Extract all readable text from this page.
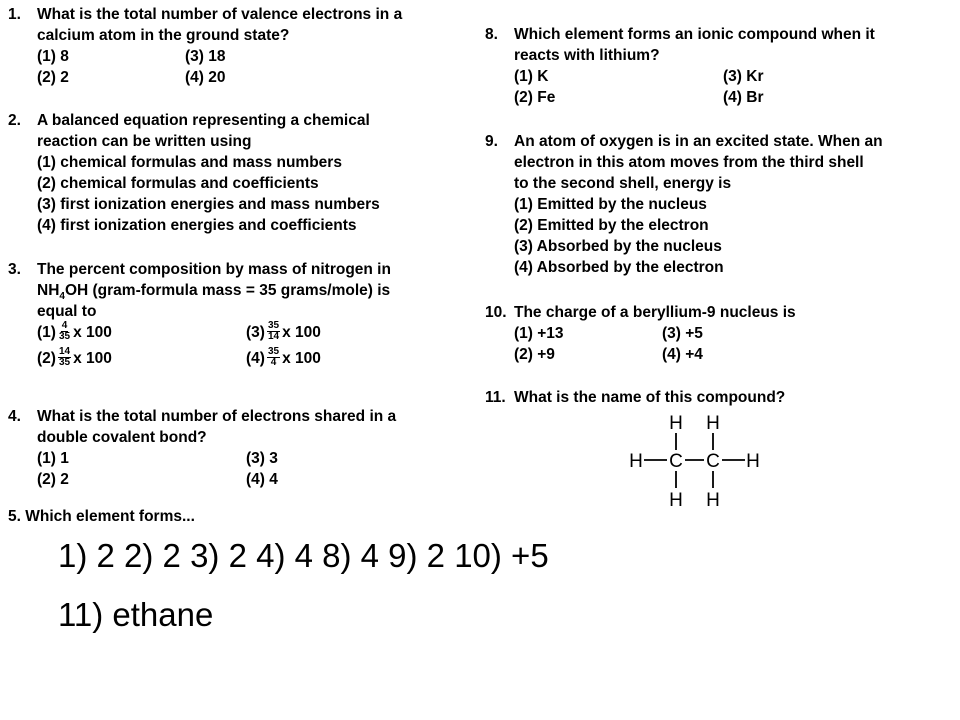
1. What is the total number of valence electrons in a
calcium atom in the ground state?
(1) 8	(3) 18
(2) 2	(4) 20
2. A balanced equation representing a chemical
reaction can be written using
(1) chemical formulas and mass numbers
(2) chemical formulas and coefficients
(3) first ionization energies and mass numbers
(4) first ionization energies and coefficients
3. The percent composition by mass of nitrogen in
$NH_4OH$ (gram-formula mass = 35 grams/mole) is
equal to
$(1) \frac{4}{35}$ x 100	$(3) \frac{35}{14}$ x 100
$(2) \frac{14}{35}$ x 100	$(4) \frac{35}{4}$ x 100
4. What is the total number of electrons shared in a
double covalent bond?
(1) 1	(3) 3
(2) 2	(4) 4
5. Which element forms...
8. Which element forms an ionic compound when it
reacts with lithium?
(1) K	(3) Kr
(2) Fe	(4) Br
9. An atom of oxygen is in an excited state. When an
electron in this atom moves from the third shell
to the second shell, energy is
(1) Emitted by the nucleus
(2) Emitted by the electron
(3) Absorbed by the nucleus
(4) Absorbed by the electron
10. The charge of a beryllium-9 nucleus is
(1) +13	(3) +5
(2) +9	(4) +4
11. What is the name of this compound?
H H
H C C H
H H
1) 2 2) 2 3) 2 4) 4 8) 4 9) 2 10) +5
11) ethane
